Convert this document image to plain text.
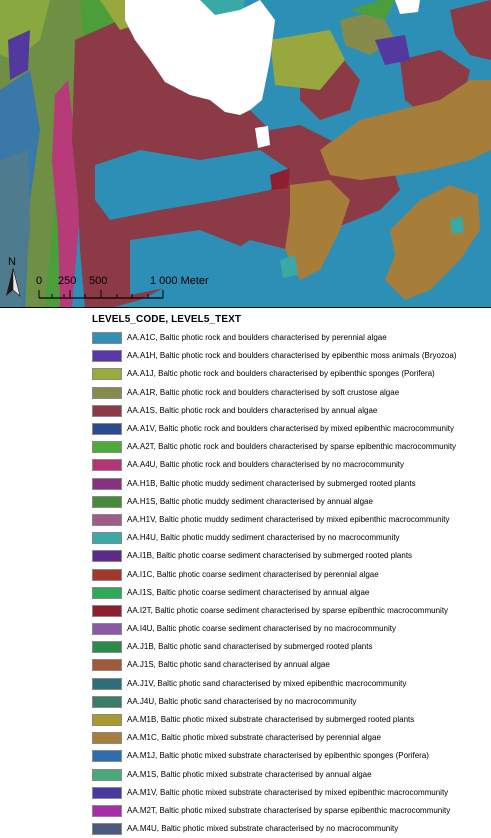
N
0 250 500	1 000 Meter
LEVEL5_CODE, LEVEL5_TEXT
AA.A1C, Baltic photic rock and boulders characterised by perennial algae
AA.A1H, Baltic photic rock and boulders characterised by epibenthic moss animals (Bryozoa)
AA.A1J, Baltic photic rock and boulders characterised by epibenthic sponges (Porifera)
AA.A1R, Baltic photic rock and boulders characterised by soft crustose algae
AA.A1S, Baltic photic rock and boulders characterised by annual algae
AA.A1V, Baltic photic rock and boulders characterised by mixed epibenthic macrocommunity
AA.A2T, Baltic photic rock and boulders characterised by sparse epibenthic macrocommunity
AA.A4U, Baltic photic rock and boulders characterised by no macrocommunity
AA.H1B, Baltic photic muddy sediment characterised by submerged rooted plants
AA.H1S, Baltic photic muddy sediment characterised by annual algae
AA.H1V, Baltic photic muddy sediment characterised by mixed epibenthic macrocommunity
AA.H4U, Baltic photic muddy sediment characterised by no macrocommunity
AA.I1B, Baltic photic coarse sediment characterised by submerged rooted plants
AA.I1C, Baltic photic coarse sediment characterised by perennial algae
AA.I1S, Baltic photic coarse sediment characterised by annual algae
AA.I2T, Baltic photic coarse sediment characterised by sparse epibenthic macrocommunity
AA.I4U, Baltic photic coarse sediment characterised by no macrocommunity
AA.J1B, Baltic photic sand characterised by submerged rooted plants
AA.J1S, Baltic photic sand characterised by annual algae
AA.J1V, Baltic photic sand characterised by mixed epibenthic macrocommunity
AA.J4U, Baltic photic sand characterised by no macrocommunity
AA.M1B, Baltic photic mixed substrate characterised by submerged rooted plants
AA.M1C, Baltic photic mixed substrate characterised by perennial algae
AA.M1J, Baltic photic mixed substrate characterised by epibenthic sponges (Porifera)
AA.M1S, Baltic photic mixed substrate characterised by annual algae
AA.M1V, Baltic photic mixed substrate characterised by mixed epibenthic macrocommunity
AA.M2T, Baltic photic mixed substrate characterised by sparse epibenthic macrocommunity
AA.M4U, Baltic photic mixed substrate characterised by no macrocommunity
